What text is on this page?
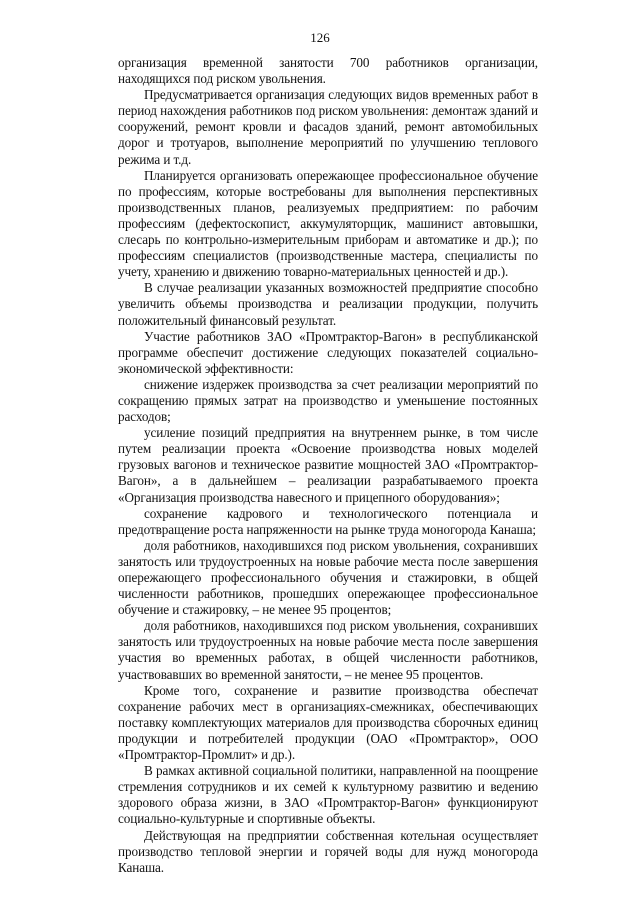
126

организация временной занятости 700 работников организации, находящихся под риском увольнения.

Предусматривается организация следующих видов временных работ в период нахождения работников под риском увольнения: демонтаж зданий и сооружений, ремонт кровли и фасадов зданий, ремонт автомобильных дорог и тротуаров, выполнение мероприятий по улучшению теплового режима и т.д.

Планируется организовать опережающее профессиональное обучение по профессиям, которые востребованы для выполнения перспективных производственных планов, реализуемых предприятием: по рабочим профессиям (дефектоскопист, аккумуляторщик, машинист автовышки, слесарь по контрольно-измерительным приборам и автоматике и др.); по профессиям специалистов (производственные мастера, специалисты по учету, хранению и движению товарно-материальных ценностей и др.).

В случае реализации указанных возможностей предприятие способно увеличить объемы производства и реализации продукции, получить положительный финансовый результат.

Участие работников ЗАО «Промтрактор-Вагон» в республиканской программе обеспечит достижение следующих показателей социально-экономической эффективности:

снижение издержек производства за счет реализации мероприятий по сокращению прямых затрат на производство и уменьшение постоянных расходов;

усиление позиций предприятия на внутреннем рынке, в том числе путем реализации проекта «Освоение производства новых моделей грузовых вагонов и техническое развитие мощностей ЗАО «Промтрактор-Вагон», а в дальнейшем – реализации разрабатываемого проекта «Организация производства навесного и прицепного оборудования»;

сохранение кадрового и технологического потенциала и предотвращение роста напряженности на рынке труда моногорода Канаша;

доля работников, находившихся под риском увольнения, сохранивших занятость или трудоустроенных на новые рабочие места после завершения опережающего профессионального обучения и стажировки, в общей численности работников, прошедших опережающее профессиональное обучение и стажировку, – не менее 95 процентов;

доля работников, находившихся под риском увольнения, сохранивших занятость или трудоустроенных на новые рабочие места после завершения участия во временных работах, в общей численности работников, участвовавших во временной занятости, – не менее 95 процентов.

Кроме того, сохранение и развитие производства обеспечат сохранение рабочих мест в организациях-смежниках, обеспечивающих поставку комплектующих материалов для производства сборочных единиц продукции и потребителей продукции (ОАО «Промтрактор», ООО «Промтрактор-Промлит» и др.).

В рамках активной социальной политики, направленной на поощрение стремления сотрудников и их семей к культурному развитию и ведению здорового образа жизни, в ЗАО «Промтрактор-Вагон» функционируют социально-культурные и спортивные объекты.

Действующая на предприятии собственная котельная осуществляет производство тепловой энергии и горячей воды для нужд моногорода Канаша.
